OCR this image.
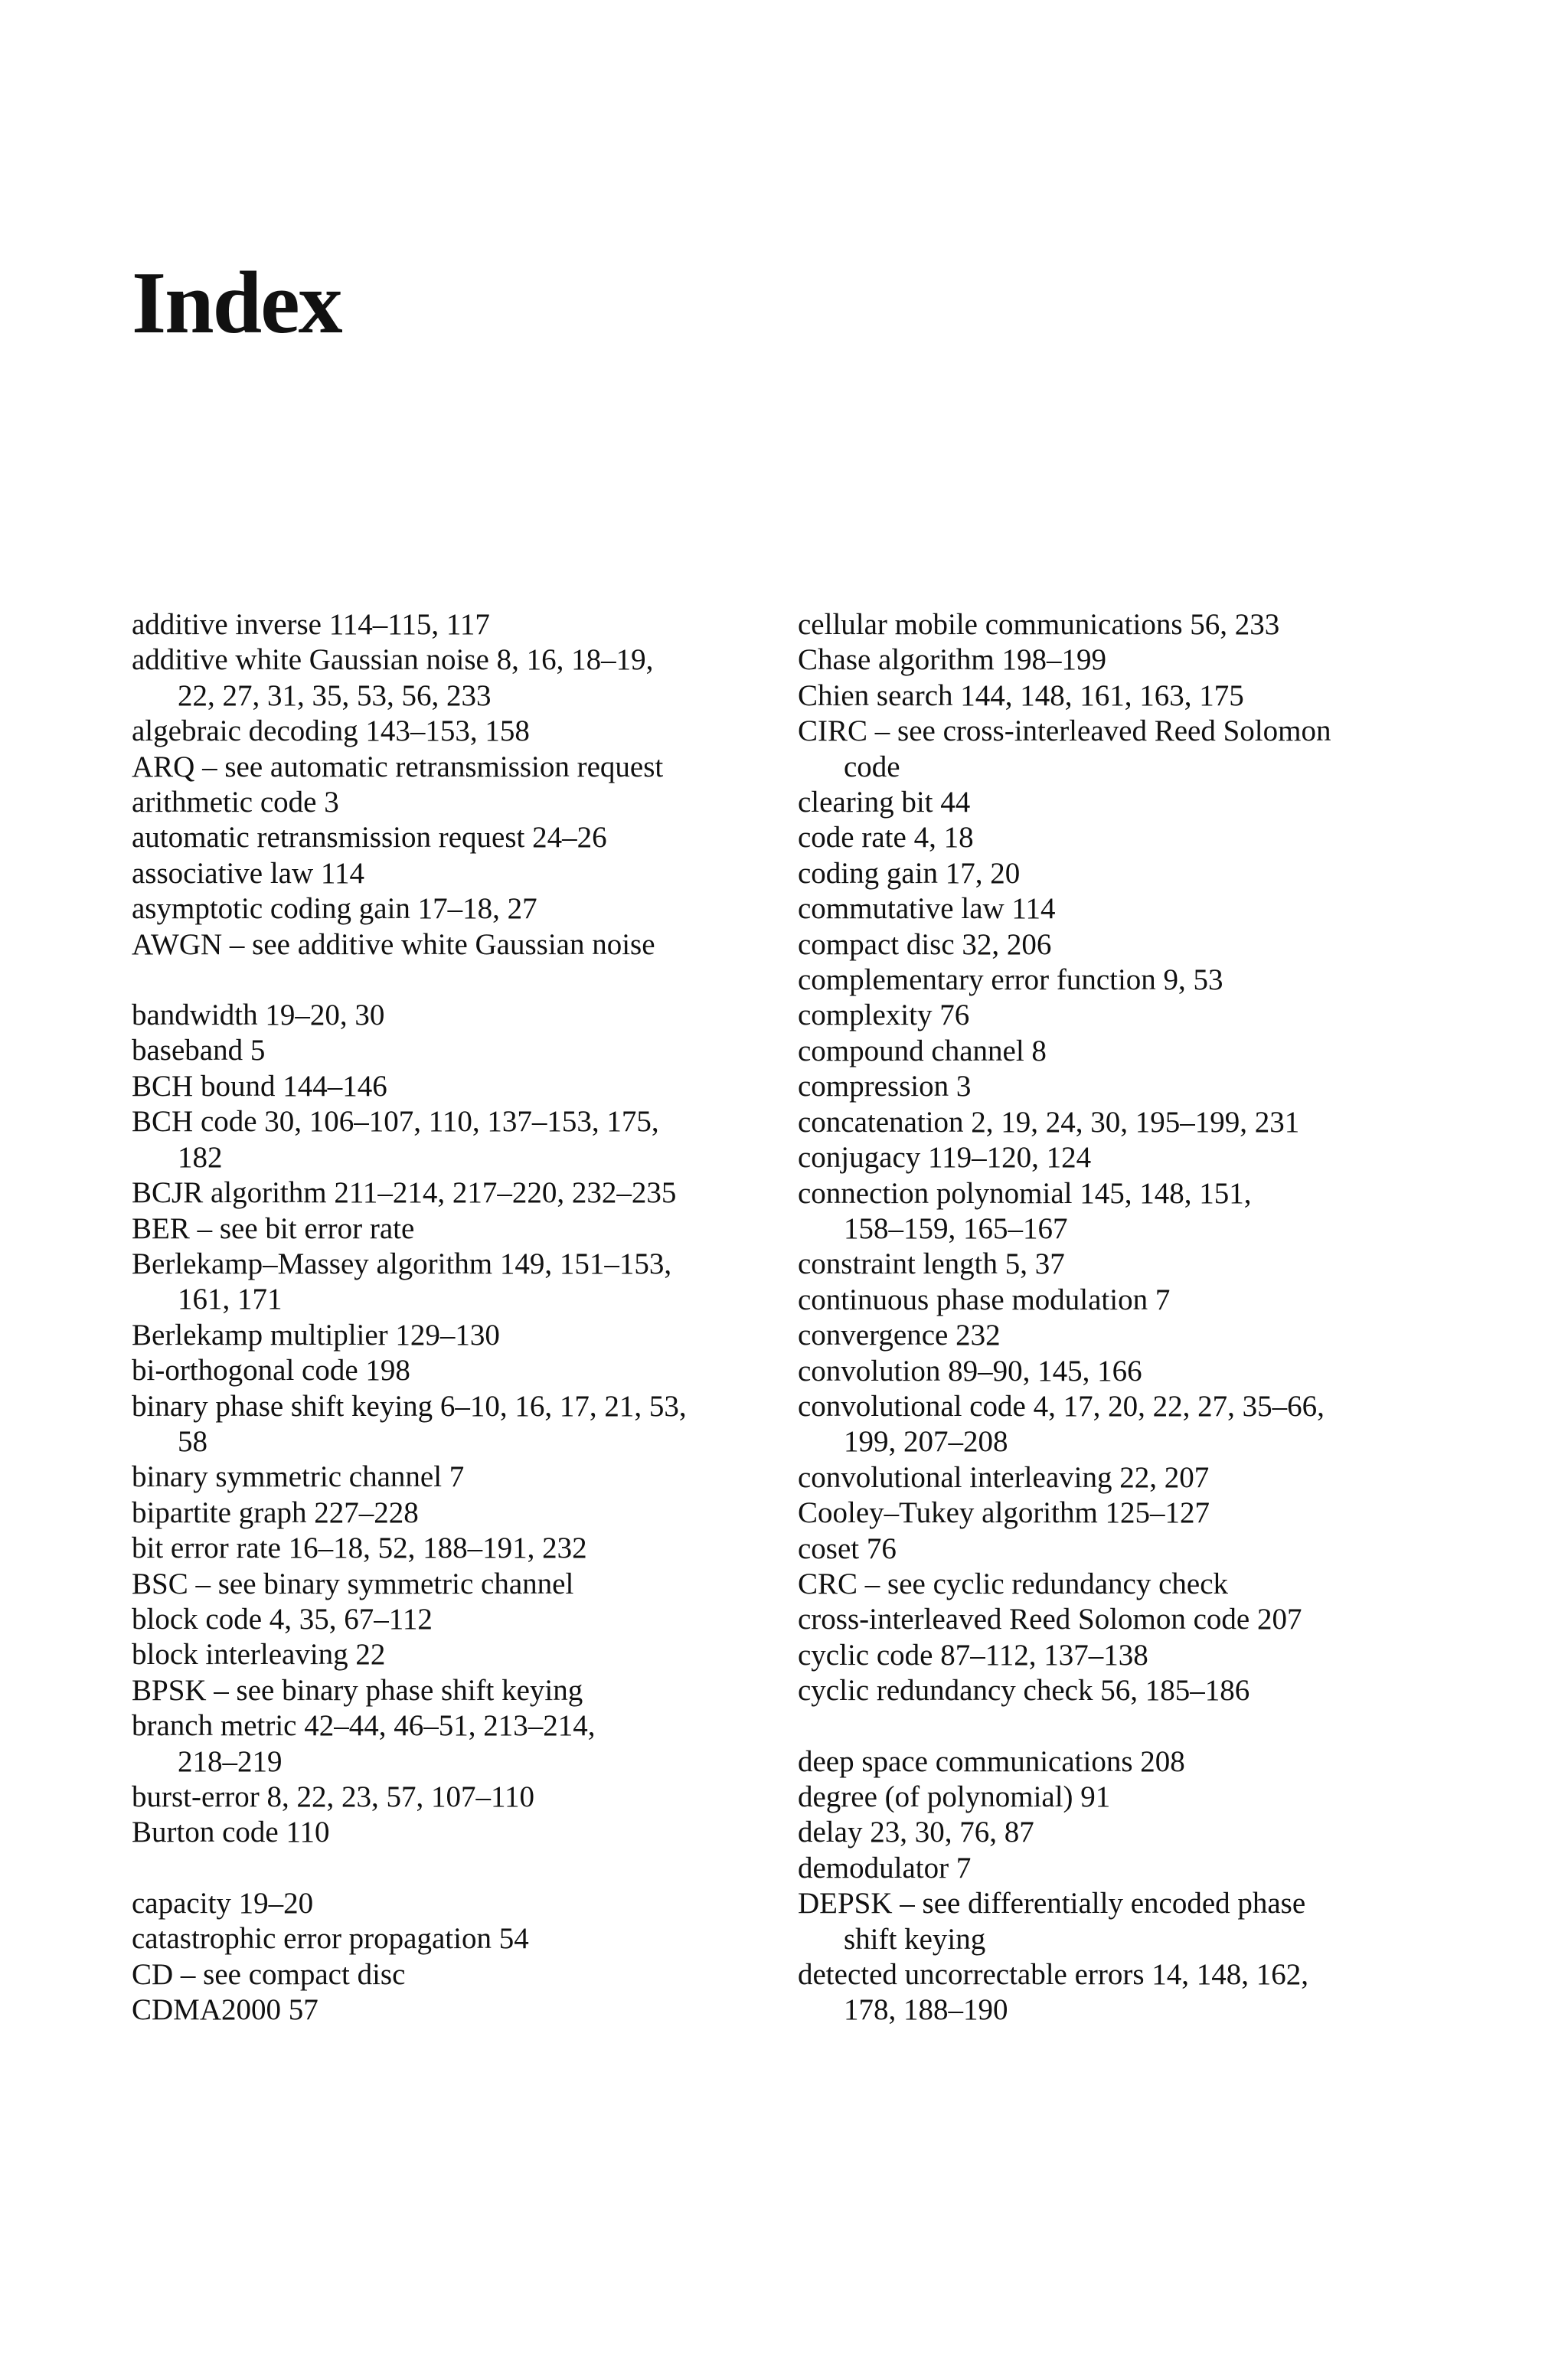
Index
additive inverse 114–115, 117
additive white Gaussian noise 8, 16, 18–19,
22, 27, 31, 35, 53, 56, 233
algebraic decoding 143–153, 158
ARQ – see automatic retransmission request
arithmetic code 3
automatic retransmission request 24–26
associative law 114
asymptotic coding gain 17–18, 27
AWGN – see additive white Gaussian noise
bandwidth 19–20, 30
baseband 5
BCH bound 144–146
BCH code 30, 106–107, 110, 137–153, 175,
182
BCJR algorithm 211–214, 217–220, 232–235
BER – see bit error rate
Berlekamp–Massey algorithm 149, 151–153,
161, 171
Berlekamp multiplier 129–130
bi-orthogonal code 198
binary phase shift keying 6–10, 16, 17, 21, 53,
58
binary symmetric channel 7
bipartite graph 227–228
bit error rate 16–18, 52, 188–191, 232
BSC – see binary symmetric channel
block code 4, 35, 67–112
block interleaving 22
BPSK – see binary phase shift keying
branch metric 42–44, 46–51, 213–214,
218–219
burst-error 8, 22, 23, 57, 107–110
Burton code 110
capacity 19–20
catastrophic error propagation 54
CD – see compact disc
CDMA2000 57
cellular mobile communications 56, 233
Chase algorithm 198–199
Chien search 144, 148, 161, 163, 175
CIRC – see cross-interleaved Reed Solomon
code
clearing bit 44
code rate 4, 18
coding gain 17, 20
commutative law 114
compact disc 32, 206
complementary error function 9, 53
complexity 76
compound channel 8
compression 3
concatenation 2, 19, 24, 30, 195–199, 231
conjugacy 119–120, 124
connection polynomial 145, 148, 151,
158–159, 165–167
constraint length 5, 37
continuous phase modulation 7
convergence 232
convolution 89–90, 145, 166
convolutional code 4, 17, 20, 22, 27, 35–66,
199, 207–208
convolutional interleaving 22, 207
Cooley–Tukey algorithm 125–127
coset 76
CRC – see cyclic redundancy check
cross-interleaved Reed Solomon code 207
cyclic code 87–112, 137–138
cyclic redundancy check 56, 185–186
deep space communications 208
degree (of polynomial) 91
delay 23, 30, 76, 87
demodulator 7
DEPSK – see differentially encoded phase
shift keying
detected uncorrectable errors 14, 148, 162,
178, 188–190
